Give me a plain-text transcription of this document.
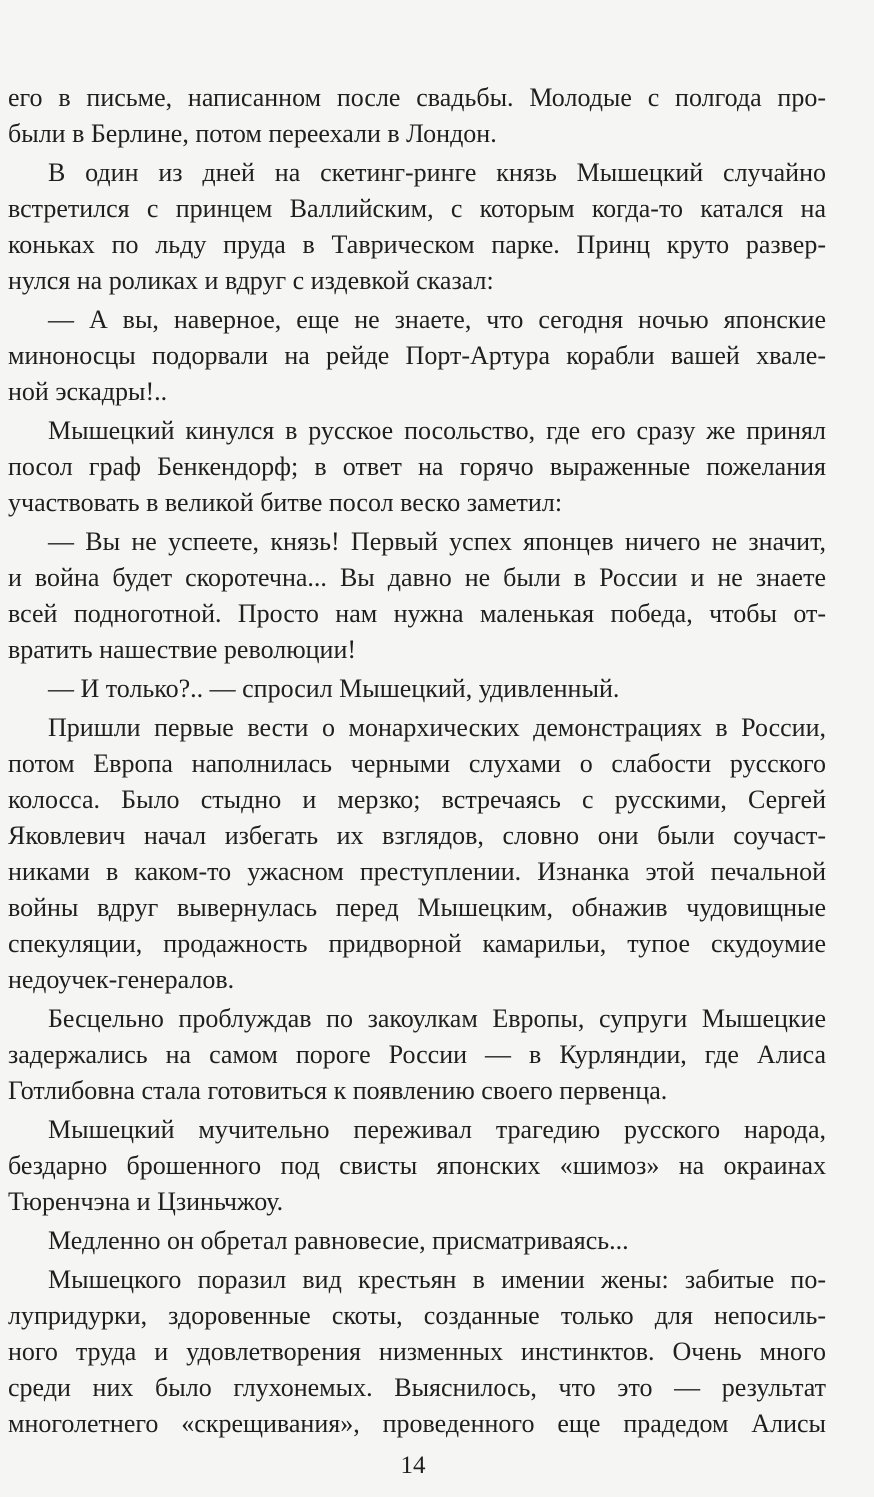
его в письме, написанном после свадьбы. Молодые с полгода про-
были в Берлине, потом переехали в Лондон.
В один из дней на скетинг-ринге князь Мышецкий случайно
встретился с принцем Валлийским, с которым когда-то катался на
коньках по льду пруда в Таврическом парке. Принц круто развер-
нулся на роликах и вдруг с издевкой сказал:
— А вы, наверное, еще не знаете, что сегодня ночью японские
миноносцы подорвали на рейде Порт-Артура корабли вашей хвале-
ной эскадры!..
Мышецкий кинулся в русское посольство, где его сразу же принял
посол граф Бенкендорф; в ответ на горячо выраженные пожелания
участвовать в великой битве посол веско заметил:
— Вы не успеете, князь! Первый успех японцев ничего не значит,
и война будет скоротечна... Вы давно не были в России и не знаете
всей подноготной. Просто нам нужна маленькая победа, чтобы от-
вратить нашествие революции!
— И только?.. — спросил Мышецкий, удивленный.
Пришли первые вести о монархических демонстрациях в России,
потом Европа наполнилась черными слухами о слабости русского
колосса. Было стыдно и мерзко; встречаясь с русскими, Сергей
Яковлевич начал избегать их взглядов, словно они были соучаст-
никами в каком-то ужасном преступлении. Изнанка этой печальной
войны вдруг вывернулась перед Мышецким, обнажив чудовищные
спекуляции, продажность придворной камарильи, тупое скудоумие
недоучек-генералов.
Бесцельно проблуждав по закоулкам Европы, супруги Мышецкие
задержались на самом пороге России — в Курляндии, где Алиса
Готлибовна стала готовиться к появлению своего первенца.
Мышецкий мучительно переживал трагедию русского народа,
бездарно брошенного под свисты японских «шимоз» на окраинах
Тюренчэна и Цзиньчжоу.
Медленно он обретал равновесие, присматриваясь...
Мышецкого поразил вид крестьян в имении жены: забитые по-
лупридурки, здоровенные скоты, созданные только для непосиль-
ного труда и удовлетворения низменных инстинктов. Очень много
среди них было глухонемых. Выяснилось, что это — результат
многолетнего «скрещивания», проведенного еще прадедом Алисы
14
